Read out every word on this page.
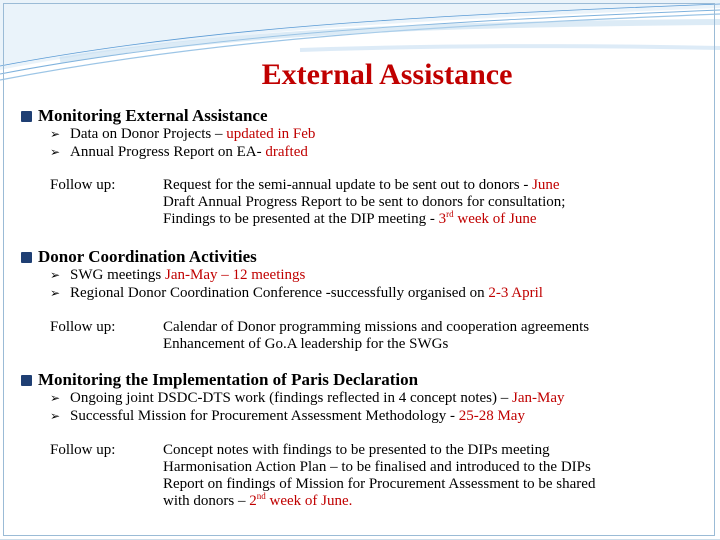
External Assistance
Monitoring External Assistance
➢ Data on Donor Projects – updated in Feb
➢ Annual Progress Report on EA- drafted
Follow up:	Request for the semi-annual update to be sent out to donors - June
Draft Annual Progress Report to be sent to donors for consultation;
Findings to be presented at the DIP meeting - 3rd week of June
Donor Coordination Activities
➢ SWG meetings Jan-May – 12 meetings
➢ Regional Donor Coordination Conference -successfully organised on 2-3 April
Follow up:	Calendar of Donor programming missions and cooperation agreements
Enhancement of Go.A leadership for the SWGs
Monitoring the Implementation of Paris Declaration
➢ Ongoing joint DSDC-DTS work (findings reflected in 4 concept notes) – Jan-May
➢ Successful Mission for Procurement Assessment Methodology - 25-28 May
Follow up:	Concept notes with findings to be presented to the DIPs meeting
Harmonisation Action Plan – to be finalised and introduced to the DIPs
Report on findings of Mission for Procurement Assessment to be shared
with donors – 2nd week of June.
